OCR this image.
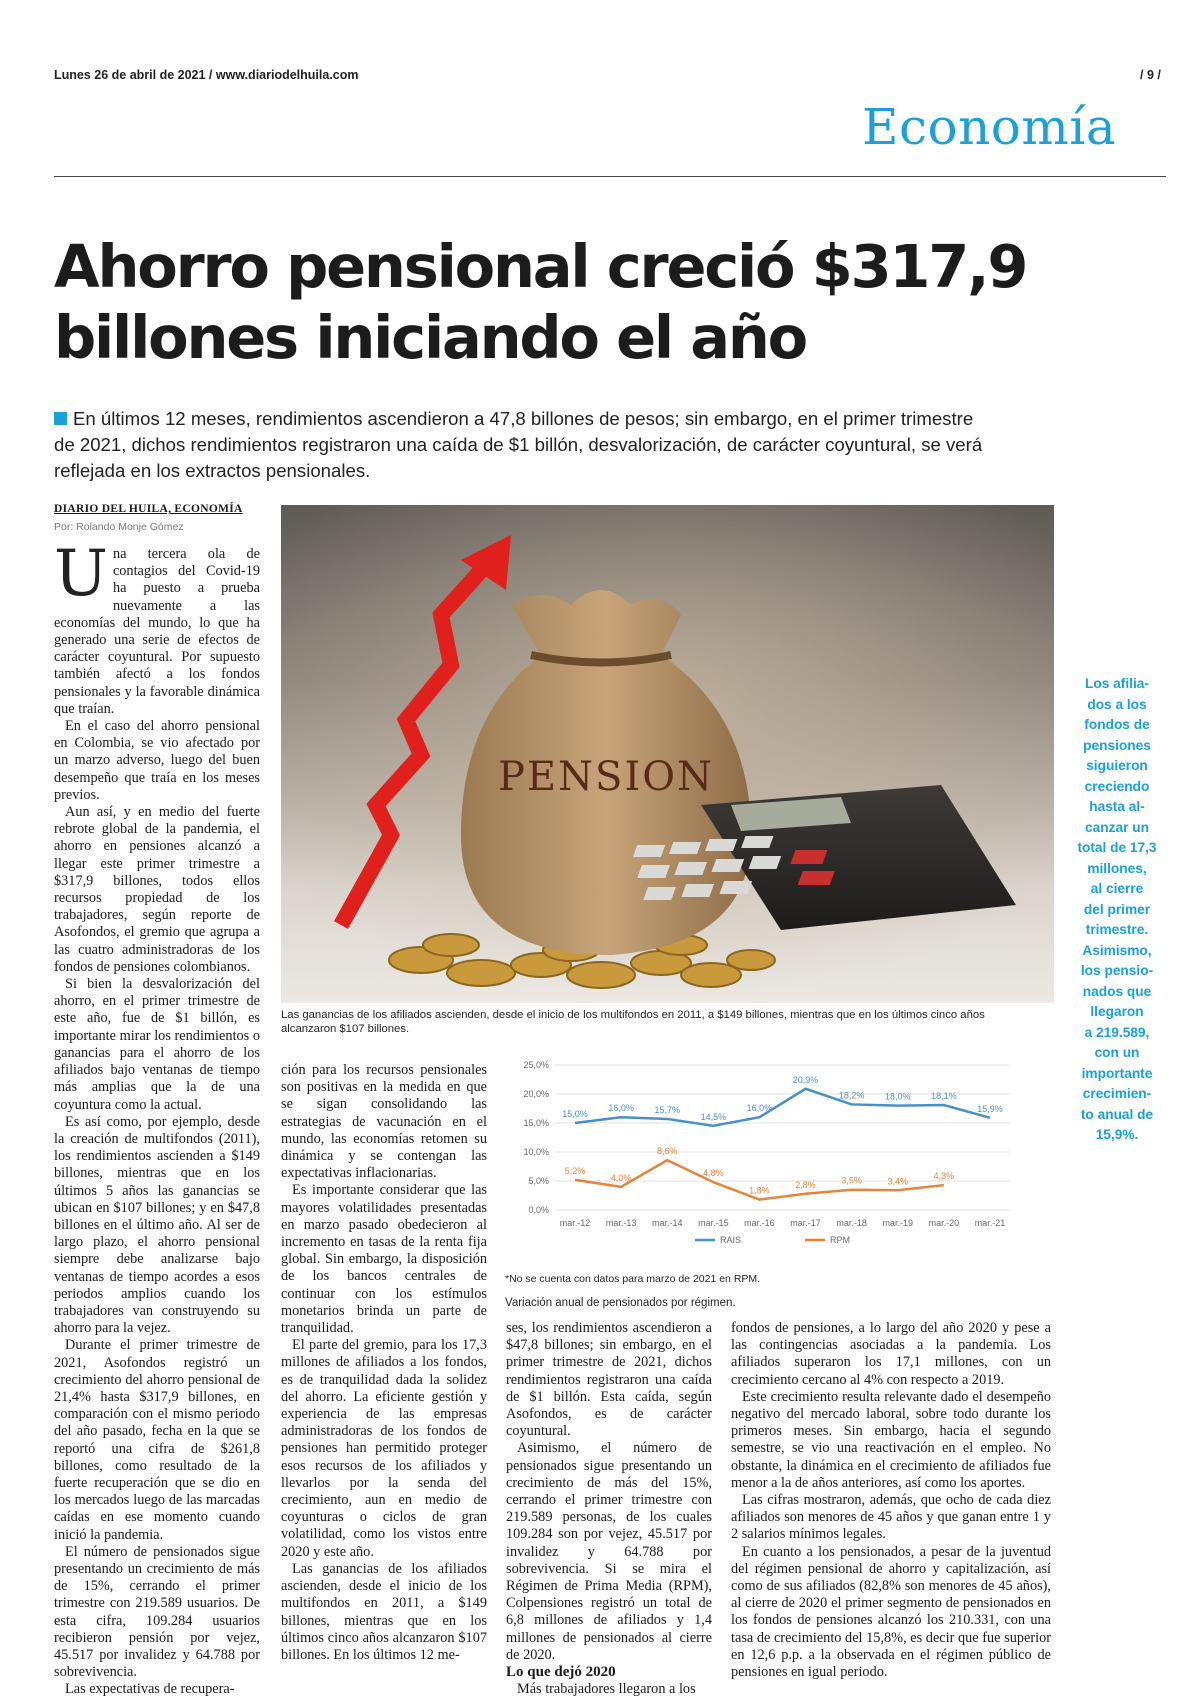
Lunes 26 de abril de 2021 / www.diariodelhuila.com	/ 9 /
Economía
Ahorro pensional creció $317,9
billones iniciando el año
En últimos 12 meses, rendimientos ascendieron a 47,8 billones de pesos; sin embargo, en el primer trimestre
de 2021, dichos rendimientos registraron una caída de $1 billón, desvalorización, de carácter coyuntural, se verá
reflejada en los extractos pensionales.
DIARIO DEL HUILA, ECONOMÍA
Por: Rolando Monje Gómez

Una tercera ola de contagios del Covid-19 ha puesto a prueba nuevamente a las economías del mundo, lo que ha generado una serie de efectos de carácter coyuntural. Por supuesto también afectó a los fondos pensionales y la favorable dinámica que traían.

En el caso del ahorro pensional en Colombia, se vio afectado por un marzo adverso, luego del buen desempeño que traía en los meses previos.

Aun así, y en medio del fuerte rebrote global de la pandemia, el ahorro en pensiones alcanzó a llegar este primer trimestre a $317,9 billones, todos ellos recursos propiedad de los trabajadores, según reporte de Asofondos, el gremio que agrupa a las cuatro administradoras de los fondos de pensiones colombianos.

Si bien la desvalorización del ahorro, en el primer trimestre de este año, fue de $1 billón, es importante mirar los rendimientos o ganancias para el ahorro de los afiliados bajo ventanas de tiempo más amplias que la de una coyuntura como la actual.

Es así como, por ejemplo, desde la creación de multifondos (2011), los rendimientos ascienden a $149 billones, mientras que en los últimos 5 años las ganancias se ubican en $107 billones; y en $47,8 billones en el último año. Al ser de largo plazo, el ahorro pensional siempre debe analizarse bajo ventanas de tiempo acordes a esos periodos amplios cuando los trabajadores van construyendo su ahorro para la vejez.

Durante el primer trimestre de 2021, Asofondos registró un crecimiento del ahorro pensional de 21,4% hasta $317,9 billones, en comparación con el mismo periodo del año pasado, fecha en la que se reportó una cifra de $261,8 billones, como resultado de la fuerte recuperación que se dio en los mercados luego de las marcadas caídas en ese momento cuando inició la pandemia.

El número de pensionados sigue presentando un crecimiento de más de 15%, cerrando el primer trimestre con 219.589 usuarios. De esta cifra, 109.284 usuarios recibieron pensión por vejez, 45.517 por invalidez y 64.788 por sobrevivencia.

Las expectativas de recupera-

PENSION
Las ganancias de los afiliados ascienden, desde el inicio de los multifondos en 2011, a $149 billones, mientras que en los últimos cinco años
alcanzaron $107 billones.
Los afilia-
dos a los
fondos de
pensiones
siguieron
creciendo
hasta al-
canzar un
total de 17,3
millones,
al cierre
del primer
trimestre.
Asimismo,
los pensio-
nados que
llegaron
a 219.589,
con un
importante
crecimien-
to anual de
15,9%.

ción para los recursos pensionales son positivas en la medida en que se sigan consolidando las estrategias de vacunación en el mundo, las economías retomen su dinámica y se contengan las expectativas inflacionarias.

Es importante considerar que las mayores volatilidades presentadas en marzo pasado obedecieron al incremento en tasas de la renta fija global. Sin embargo, la disposición de los bancos centrales de continuar con los estímulos monetarios brinda un parte de tranquilidad.

El parte del gremio, para los 17,3 millones de afiliados a los fondos, es de tranquilidad dada la solidez del ahorro. La eficiente gestión y experiencia de las empresas administradoras de los fondos de pensiones han permitido proteger esos recursos de los afiliados y llevarlos por la senda del crecimiento, aun en medio de coyunturas o ciclos de gran volatilidad, como los vistos entre 2020 y este año.

Las ganancias de los afiliados ascienden, desde el inicio de los multifondos en 2011, a $149 billones, mientras que en los últimos cinco años alcanzaron $107 billones. En los últimos 12 me-

0,0%
5,0%
10,0%
15,0%
20,0%
25,0%
mar.-12 mar.-13 mar.-14 mar.-15 mar.-16 mar.-17 mar.-18 mar.-19 mar.-20 mar.-21
15,0%
16,0% 15,7%
14,5%
16,0%
20,9%
18,2% 18,0% 18,1%
15,9%
RAIS
5,2%
4,0%
8,6%
4,8%
1,8%
2,8%	3,5%	3,4%
4,3%
RPM
*No se cuenta con datos para marzo de 2021 en RPM.
Variación anual de pensionados por régimen.

ses, los rendimientos ascendieron a $47,8 billones; sin embargo, en el primer trimestre de 2021, dichos rendimientos registraron una caída de $1 billón. Esta caída, según Asofondos, es de carácter coyuntural.

Asimismo, el número de pensionados sigue presentando un crecimiento de más del 15%, cerrando el primer trimestre con 219.589 personas, de los cuales 109.284 son por vejez, 45.517 por invalidez y 64.788 por sobrevivencia. Si se mira el Régimen de Prima Media (RPM), Colpensiones registró un total de 6,8 millones de afiliados y 1,4 millones de pensionados al cierre de 2020.

Lo que dejó 2020

Más trabajadores llegaron a los

fondos de pensiones, a lo largo del año 2020 y pese a las contingencias asociadas a la pandemia. Los afiliados superaron los 17,1 millones, con un crecimiento cercano al 4% con respecto a 2019.

Este crecimiento resulta relevante dado el desempeño negativo del mercado laboral, sobre todo durante los primeros meses. Sin embargo, hacia el segundo semestre, se vio una reactivación en el empleo. No obstante, la dinámica en el crecimiento de afiliados fue menor a la de años anteriores, así como los aportes.

Las cifras mostraron, además, que ocho de cada diez afiliados son menores de 45 años y que ganan entre 1 y 2 salarios mínimos legales.

En cuanto a los pensionados, a pesar de la juventud del régimen pensional de ahorro y capitalización, así como de sus afiliados (82,8% son menores de 45 años), al cierre de 2020 el primer segmento de pensionados en los fondos de pensiones alcanzó los 210.331, con una tasa de crecimiento del 15,8%, es decir que fue superior en 12,6 p.p. a la observada en el régimen público de pensiones en igual periodo.
